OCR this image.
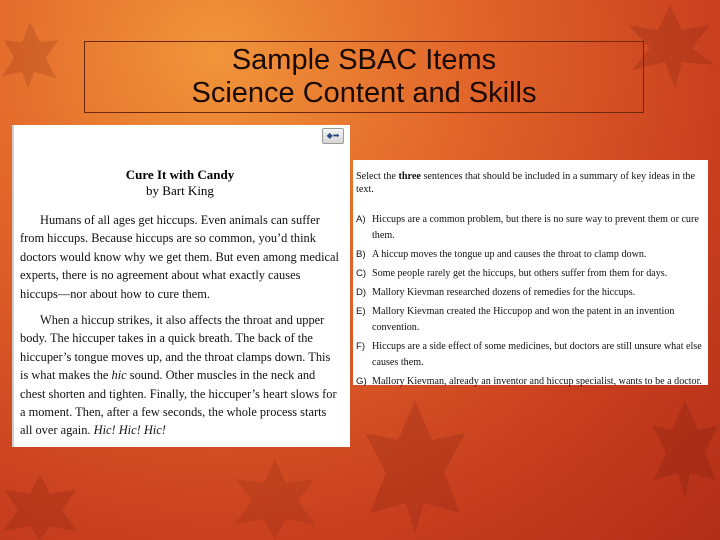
Sample SBAC Items
Science Content and Skills
◆➡
Cure It with Candy
by Bart King

Humans of all ages get hiccups. Even animals can suffer from hiccups. Because hiccups are so common, you’d think doctors would know why we get them. But even among medical experts, there is no agreement about what exactly causes hiccups—nor about how to cure them.

When a hiccup strikes, it also affects the throat and upper body. The hiccuper takes in a quick breath. The back of the hiccuper’s tongue moves up, and the throat clamps down. This is what makes the hic sound. Other muscles in the neck and chest shorten and tighten. Finally, the hiccuper’s heart slows for a moment. Then, after a few seconds, the whole process starts all over again. Hic! Hic! Hic!

Select the three sentences that should be included in a summary of key ideas in the text.
A) Hiccups are a common problem, but there is no sure way to prevent them or cure them.
B) A hiccup moves the tongue up and causes the throat to clamp down.
C) Some people rarely get the hiccups, but others suffer from them for days.
D) Mallory Kievman researched dozens of remedies for the hiccups.
E) Mallory Kievman created the Hiccupop and won the patent in an invention convention.
F) Hiccups are a side effect of some medicines, but doctors are still unsure what else causes them.
G) Mallory Kievman, already an inventor and hiccup specialist, wants to be a doctor.
